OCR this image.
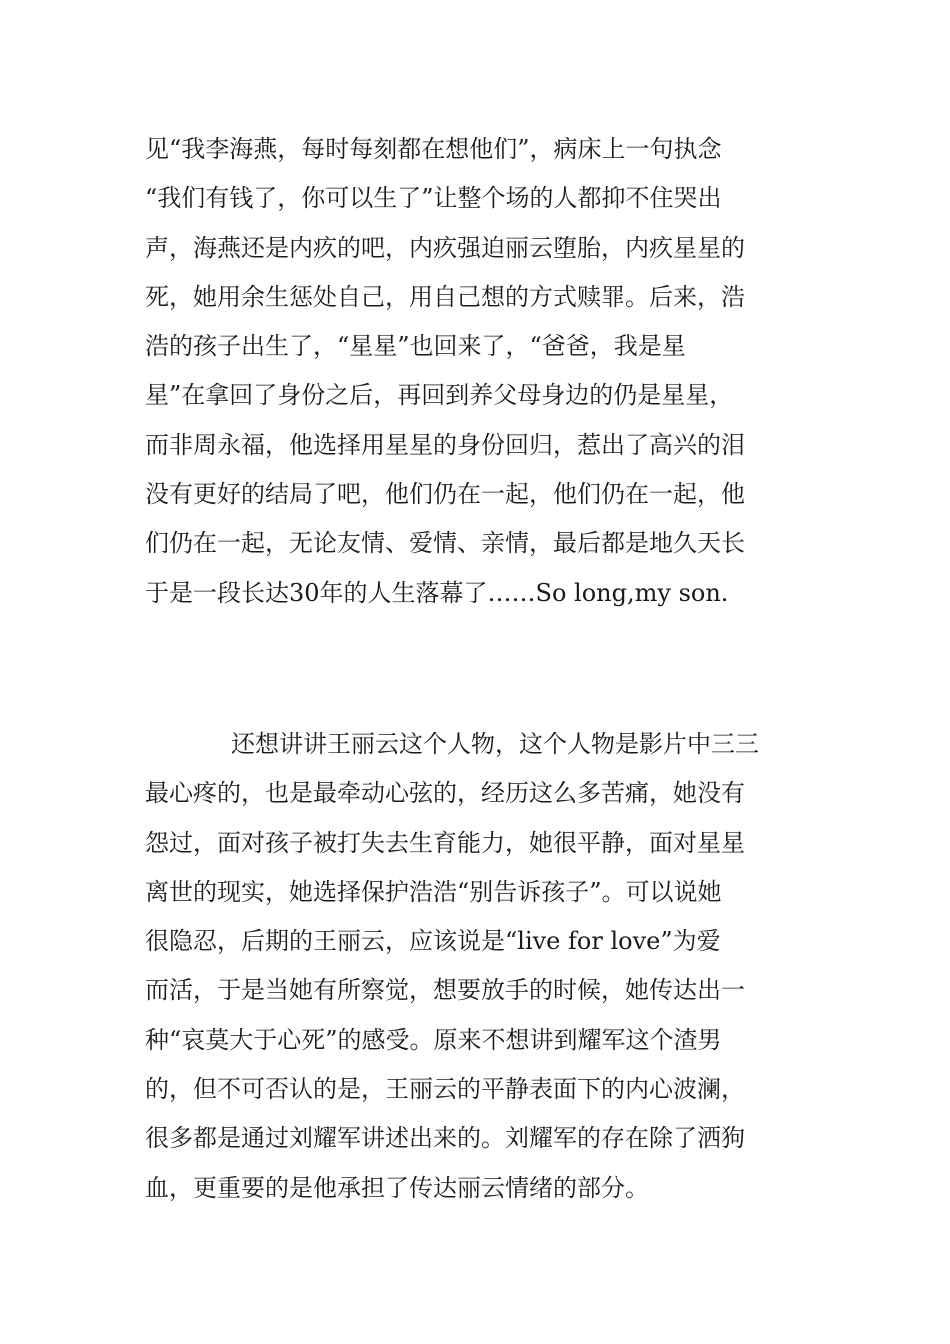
见“我李海燕，每时每刻都在想他们”，病床上一句执念
“我们有钱了，你可以生了”让整个场的人都抑不住哭出
声，海燕还是内疚的吧，内疚强迫丽云堕胎，内疚星星的
死，她用余生惩处自己，用自己想的方式赎罪。后来，浩
浩的孩子出生了，“星星”也回来了，“爸爸，我是星
星”在拿回了身份之后，再回到养父母身边的仍是星星，
而非周永福，他选择用星星的身份回归，惹出了高兴的泪
没有更好的结局了吧，他们仍在一起，他们仍在一起，他
们仍在一起，无论友情、爱情、亲情，最后都是地久天长
于是一段长达30年的人生落幕了……So long,my son.
还想讲讲王丽云这个人物，这个人物是影片中三三
最心疼的，也是最牵动心弦的，经历这么多苦痛，她没有
怨过，面对孩子被打失去生育能力，她很平静，面对星星
离世的现实，她选择保护浩浩“别告诉孩子”。可以说她
很隐忍，后期的王丽云，应该说是“live for love”为爱
而活，于是当她有所察觉，想要放手的时候，她传达出一
种“哀莫大于心死”的感受。原来不想讲到耀军这个渣男
的，但不可否认的是，王丽云的平静表面下的内心波澜，
很多都是通过刘耀军讲述出来的。刘耀军的存在除了洒狗
血，更重要的是他承担了传达丽云情绪的部分。
